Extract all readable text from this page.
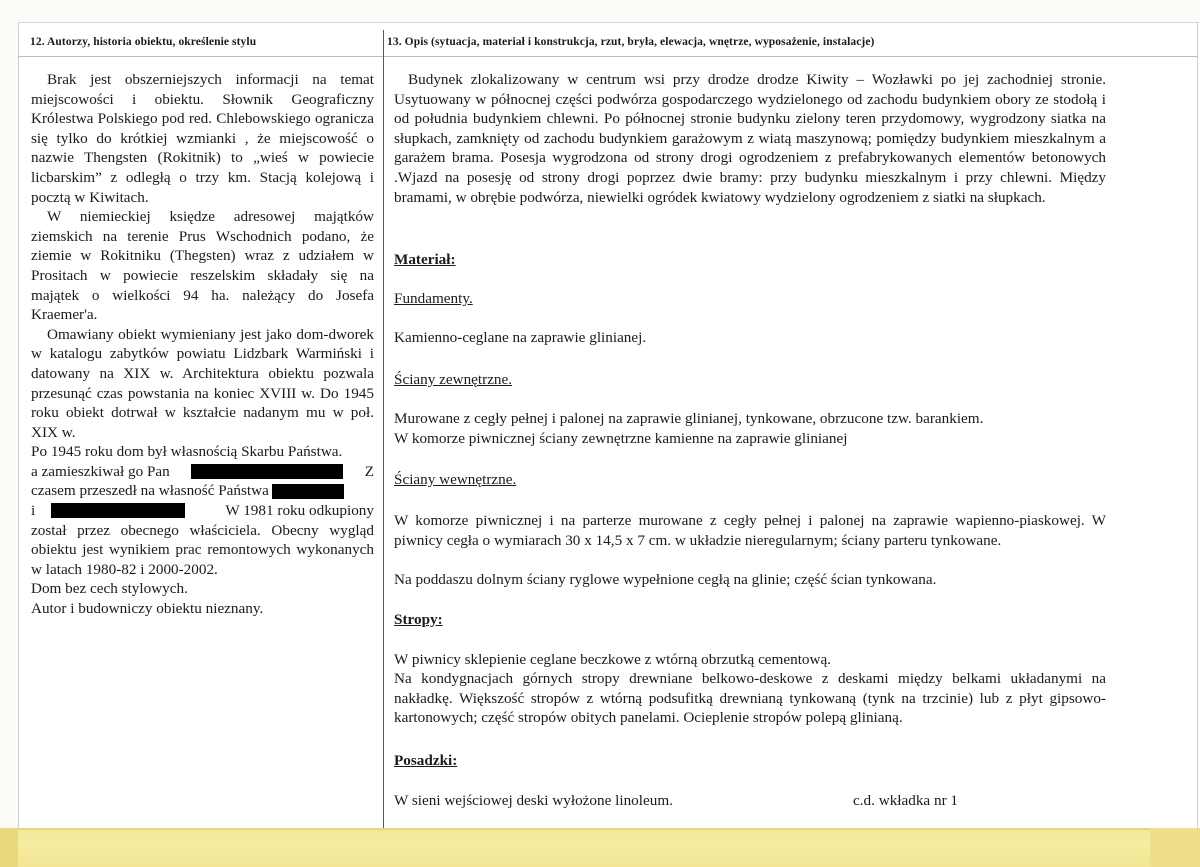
12. Autorzy, historia obiektu, określenie stylu	13. Opis (sytuacja, materiał i konstrukcja, rzut, bryła, elewacja, wnętrze, wyposażenie, instalacje)

Brak jest obszerniejszych informacji na temat miejscowości i obiektu. Słownik Geograficzny Królestwa Polskiego pod red. Chlebowskiego ogranicza się tylko do krótkiej wzmianki , że miejscowość o nazwie Thengsten (Rokitnik) to „wieś w powiecie licbarskim” z odległą o trzy km. Stacją kolejową i pocztą w Kiwitach.

W niemieckiej księdze adresowej majątków ziemskich na terenie Prus Wschodnich podano, że ziemie w Rokitniku (Thegsten) wraz z udziałem w Prositach w powiecie reszelskim składały się na majątek o wielkości 94 ha. należący do Josefa Kraemer'a.

Omawiany obiekt wymieniany jest jako dom-dworek w katalogu zabytków powiatu Lidzbark Warmiński i datowany na XIX w. Architektura obiektu pozwala przesunąć czas powstania na koniec XVIII w. Do 1945 roku obiekt dotrwał w kształcie nadanym mu w poł. XIX w.

Po 1945 roku dom był własnością Skarbu Państwa.

a zamieszkiwał go Pan	Z
czasem przeszedł na własność Państwa
i	W 1981 roku odkupiony

został przez obecnego właściciela. Obecny wygląd obiektu jest wynikiem prac remontowych wykonanych w latach 1980-82 i 2000-2002.

Dom bez cech stylowych.

Autor i budowniczy obiektu nieznany.

Budynek zlokalizowany w centrum wsi przy drodze drodze Kiwity – Wozławki po jej zachodniej stronie. Usytuowany w północnej części podwórza gospodarczego wydzielonego od zachodu budynkiem obory ze stodołą i od południa budynkiem chlewni. Po północnej stronie budynku zielony teren przydomowy, wygrodzony siatka na słupkach, zamknięty od zachodu budynkiem garażowym z wiatą maszynową; pomiędzy budynkiem mieszkalnym a garażem brama. Posesja wygrodzona od strony drogi ogrodzeniem z prefabrykowanych elementów betonowych .Wjazd na posesję od strony drogi poprzez dwie bramy: przy budynku mieszkalnym i przy chlewni. Między bramami, w obrębie podwórza, niewielki ogródek kwiatowy wydzielony ogrodzeniem z siatki na słupkach.

Materiał:
Fundamenty.
Kamienno-ceglane na zaprawie glinianej.
Ściany zewnętrzne.
Murowane z cegły pełnej i palonej na zaprawie glinianej, tynkowane, obrzucone tzw. barankiem.
W komorze piwnicznej ściany zewnętrzne kamienne na zaprawie glinianej
Ściany wewnętrzne.

W komorze piwnicznej i na parterze murowane z cegły pełnej i palonej na zaprawie wapienno-piaskowej. W piwnicy cegła o wymiarach 30 x 14,5 x 7 cm. w układzie nieregularnym; ściany parteru tynkowane.

Na poddaszu dolnym ściany ryglowe wypełnione cegłą na glinie; część ścian tynkowana.
Stropy:
W piwnicy sklepienie ceglane beczkowe z wtórną obrzutką cementową.

Na kondygnacjach górnych stropy drewniane belkowo-deskowe z deskami między belkami układanymi na nakładkę. Większość stropów z wtórną podsufitką drewnianą tynkowaną (tynk na trzcinie) lub z płyt gipsowo-kartonowych; część stropów obitych panelami. Ocieplenie stropów polepą glinianą.

Posadzki:
W sieni wejściowej deski wyłożone linoleum.	c.d. wkładka nr 1
